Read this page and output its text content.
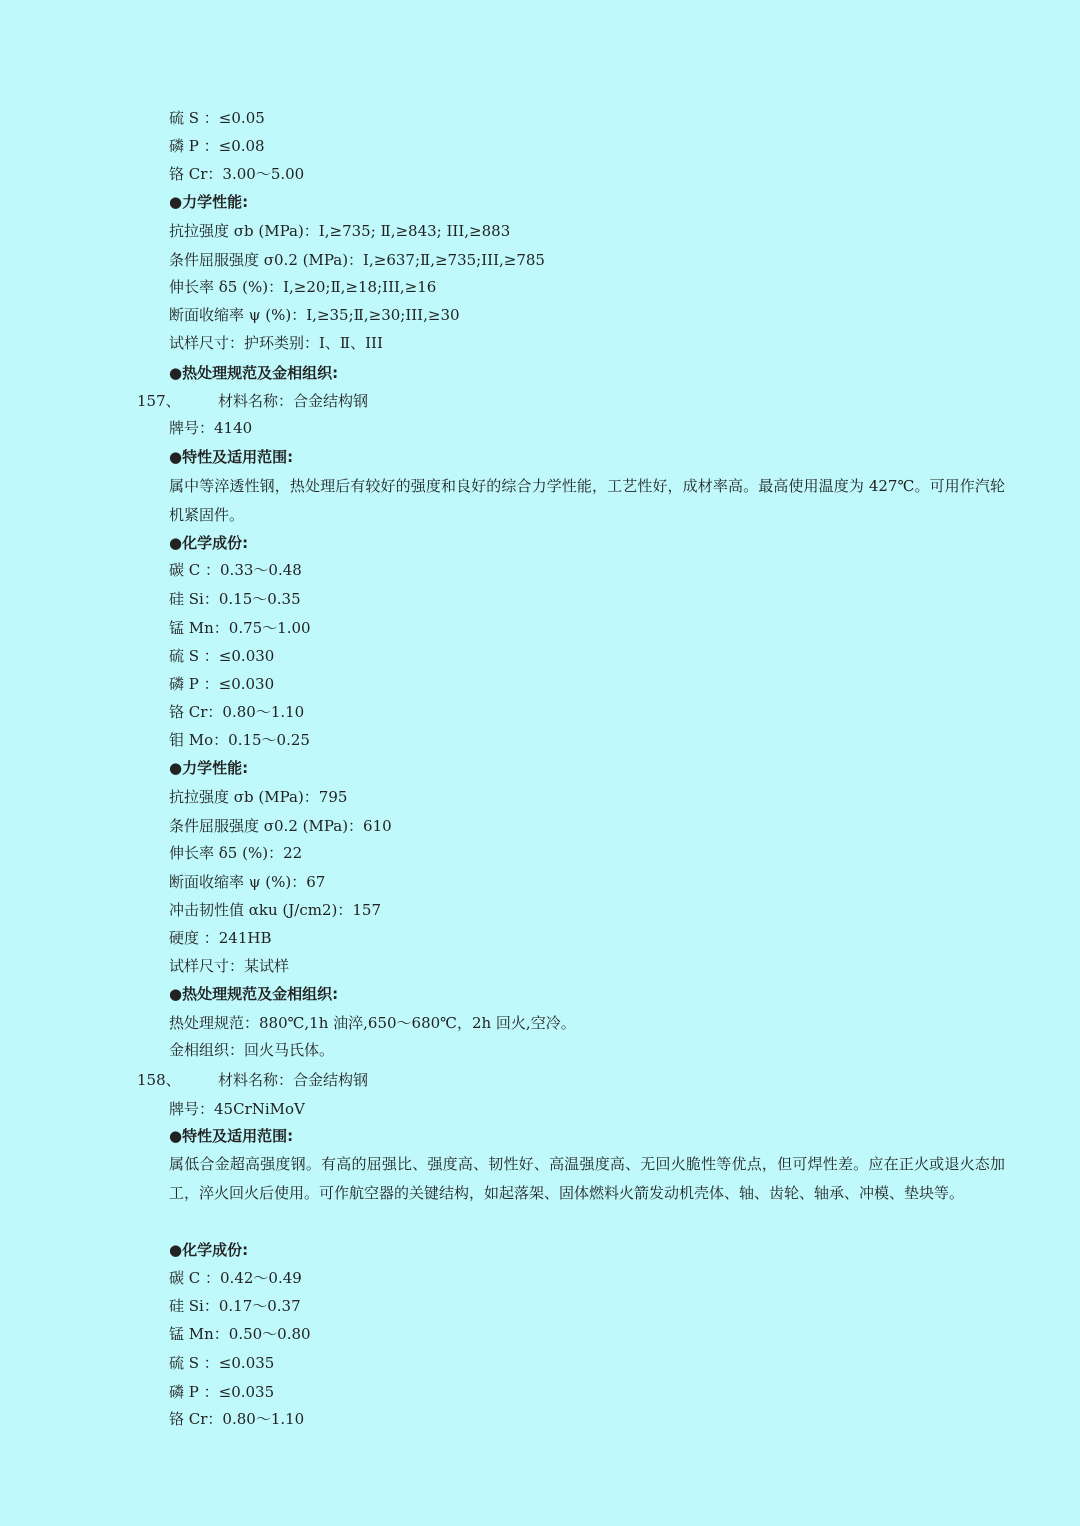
硫 S ：≤0.05
磷 P ：≤0.08
铬 Cr：3.00～5.00
●力学性能:
抗拉强度 σb (MPa)：Ⅰ,≥735; Ⅱ,≥843; III,≥883
条件屈服强度 σ0.2 (MPa)：Ⅰ,≥637;Ⅱ,≥735;III,≥785
伸长率 δ5 (%)：Ⅰ,≥20;Ⅱ,≥18;III,≥16
断面收缩率 ψ (%)：Ⅰ,≥35;Ⅱ,≥30;III,≥30
试样尺寸：护环类别：Ⅰ、Ⅱ、III
●热处理规范及金相组织:
157、 材料名称：合金结构钢
牌号：4140
●特性及适用范围:
属中等淬透性钢，热处理后有较好的强度和良好的综合力学性能，工艺性好，成材率高。最高使用温度为 427℃。可用作汽轮机紧固件。
●化学成份:
碳 C ：0.33～0.48
硅 Si：0.15～0.35
锰 Mn：0.75～1.00
硫 S ：≤0.030
磷 P ：≤0.030
铬 Cr：0.80～1.10
钼 Mo：0.15～0.25
●力学性能:
抗拉强度 σb (MPa)：795
条件屈服强度 σ0.2 (MPa)：610
伸长率 δ5 (%)：22
断面收缩率 ψ (%)：67
冲击韧性值 αku (J/cm2)：157
硬度 ：241HB
试样尺寸：某试样
●热处理规范及金相组织:
热处理规范：880℃,1h 油淬,650～680℃，2h 回火,空冷。
金相组织：回火马氏体。
158、 材料名称：合金结构钢
牌号：45CrNiMoV
●特性及适用范围:
属低合金超高强度钢。有高的屈强比、强度高、韧性好、高温强度高、无回火脆性等优点，但可焊性差。应在正火或退火态加工，淬火回火后使用。可作航空器的关键结构，如起落架、固体燃料火箭发动机壳体、轴、齿轮、轴承、冲模、垫块等。
●化学成份:
碳 C ：0.42～0.49
硅 Si：0.17～0.37
锰 Mn：0.50～0.80
硫 S ：≤0.035
磷 P ：≤0.035
铬 Cr：0.80～1.10
